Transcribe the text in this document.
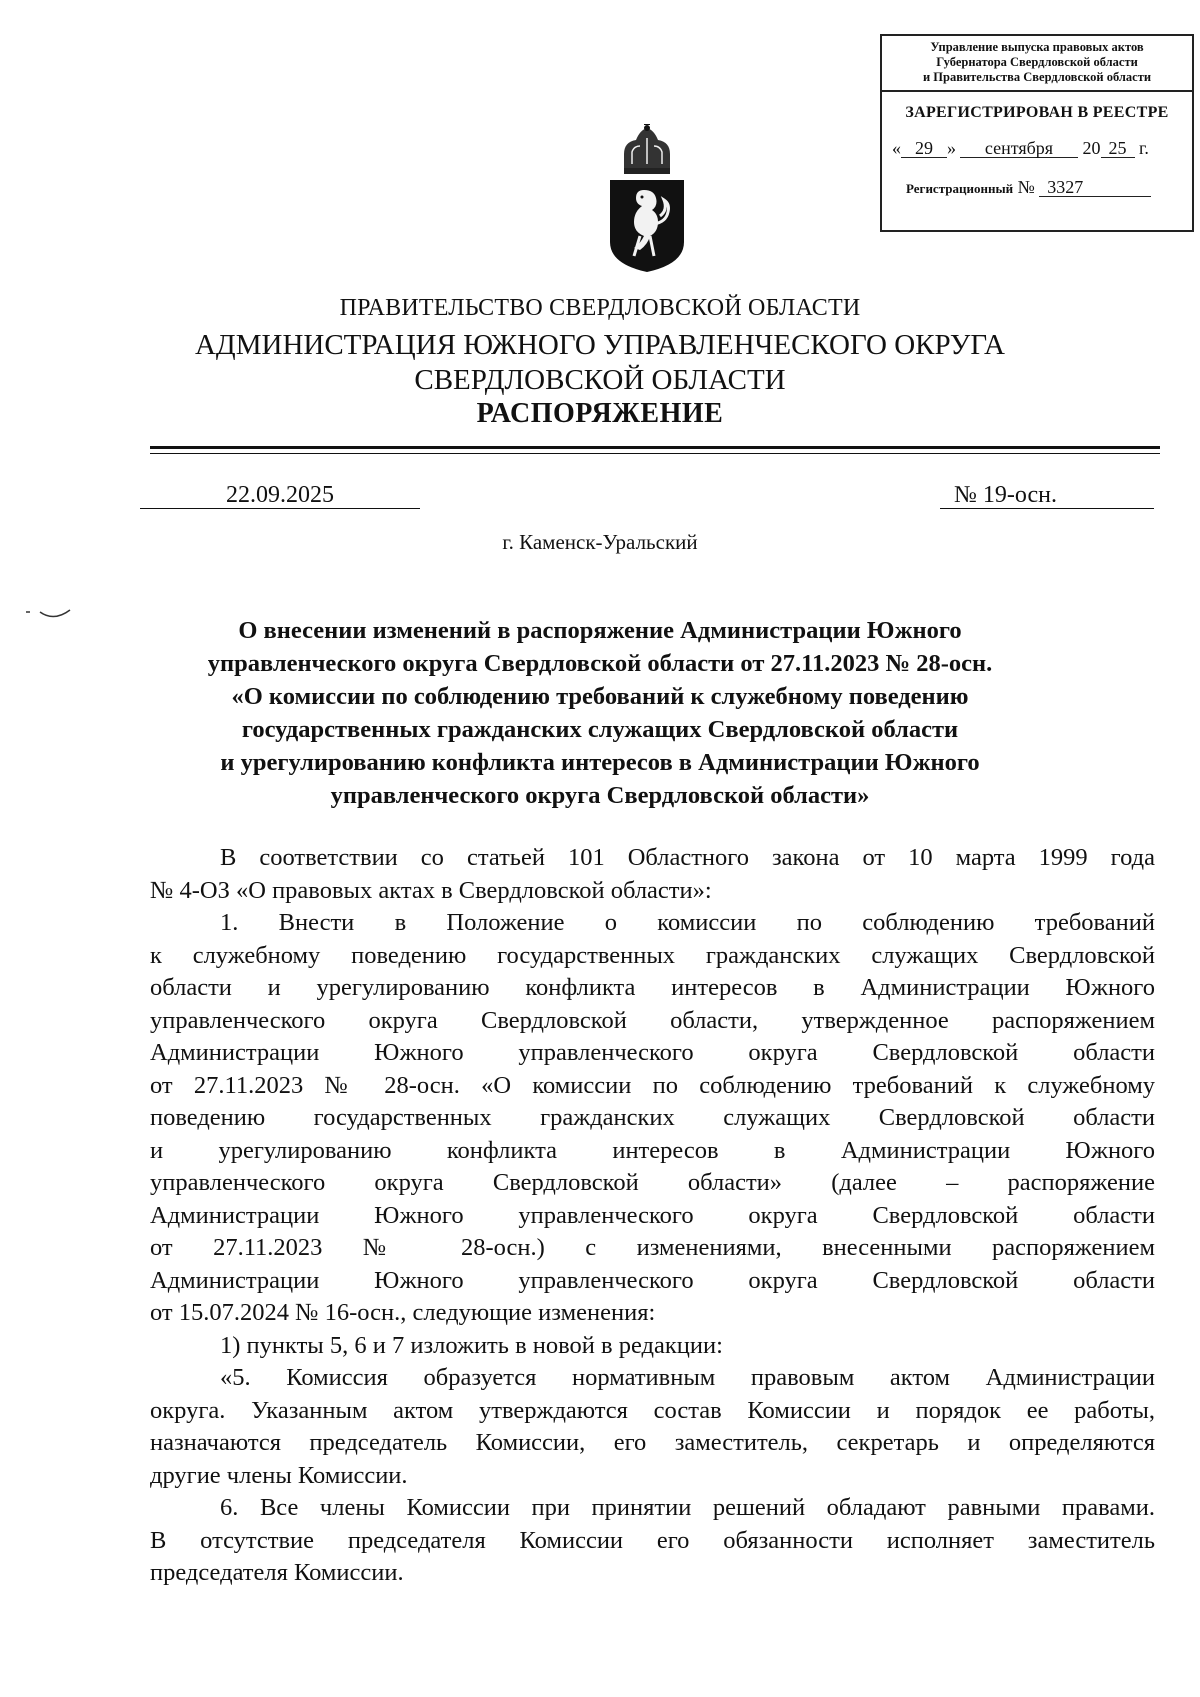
Управление выпуска правовых актов
Губернатора Свердловской области
и Правительства Свердловской области
ЗАРЕГИСТРИРОВАН В РЕЕСТРЕ
« 29 » сентября 20 25 г.
Регистрационный № 3327
ПРАВИТЕЛЬСТВО СВЕРДЛОВСКОЙ ОБЛАСТИ
АДМИНИСТРАЦИЯ ЮЖНОГО УПРАВЛЕНЧЕСКОГО ОКРУГА
СВЕРДЛОВСКОЙ ОБЛАСТИ
РАСПОРЯЖЕНИЕ
22.09.2025	№ 19-осн.
г. Каменск-Уральский
О внесении изменений в распоряжение Администрации Южного
управленческого округа Свердловской области от 27.11.2023 № 28-осн.
«О комиссии по соблюдению требований к служебному поведению
государственных гражданских служащих Свердловской области
и урегулированию конфликта интересов в Администрации Южного
управленческого округа Свердловской области»
В соответствии со статьей 101 Областного закона от 10 марта 1999 года
№ 4-ОЗ «О правовых актах в Свердловской области»:
1. Внести в Положение о комиссии по соблюдению требований
к служебному поведению государственных гражданских служащих Свердловской
области и урегулированию конфликта интересов в Администрации Южного
управленческого округа Свердловской области, утвержденное распоряжением
Администрации Южного управленческого округа Свердловской области
от 27.11.2023 № 28-осн. «О комиссии по соблюдению требований к служебному
поведению государственных гражданских служащих Свердловской области
и урегулированию конфликта интересов в Администрации Южного
управленческого округа Свердловской области» (далее – распоряжение
Администрации Южного управленческого округа Свердловской области
от 27.11.2023 № 28-осн.) с изменениями, внесенными распоряжением
Администрации Южного управленческого округа Свердловской области
от 15.07.2024 № 16-осн., следующие изменения:
1) пункты 5, 6 и 7 изложить в новой в редакции:
«5. Комиссия образуется нормативным правовым актом Администрации
округа. Указанным актом утверждаются состав Комиссии и порядок ее работы,
назначаются председатель Комиссии, его заместитель, секретарь и определяются
другие члены Комиссии.
6. Все члены Комиссии при принятии решений обладают равными правами.
В отсутствие председателя Комиссии его обязанности исполняет заместитель
председателя Комиссии.
